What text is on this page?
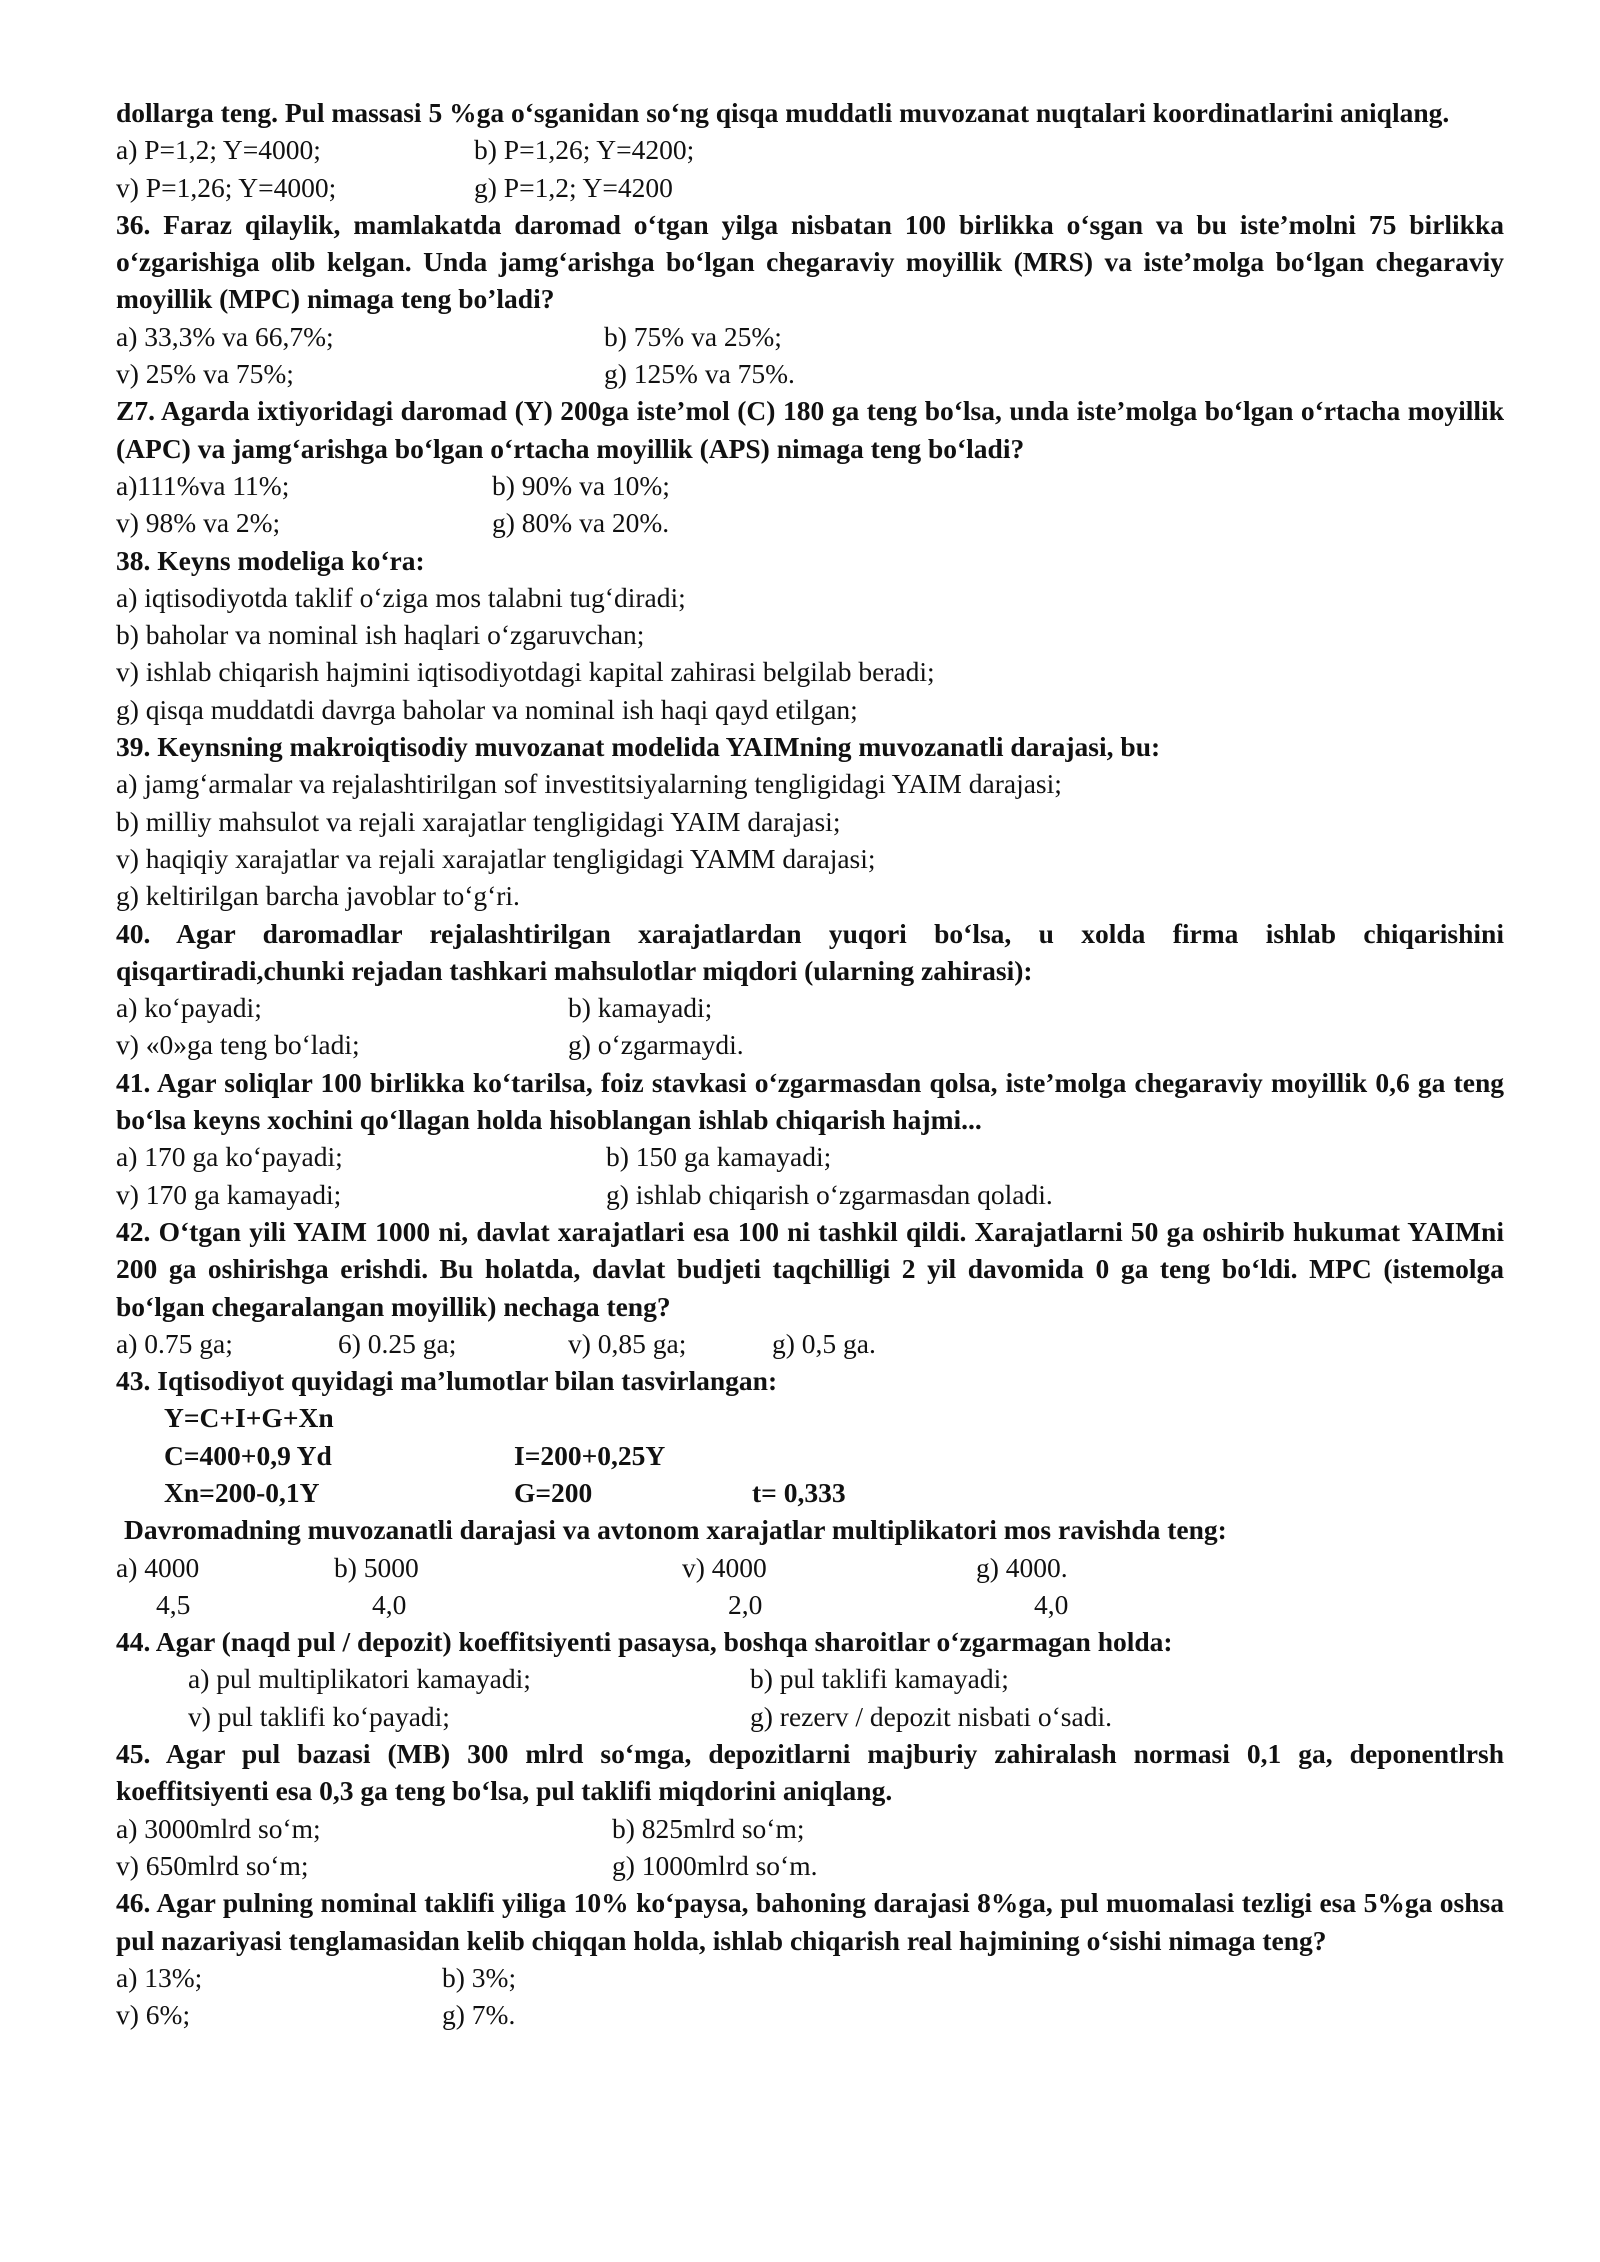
dollarga teng. Pul massasi 5 %ga o‘sganidan so‘ng qisqa muddatli muvozanat nuqtalari koordinatlarini aniqlang.
a) P=1,2; Y=4000;	b) P=1,26; Y=4200;
v) P=1,26; Y=4000;	g) P=1,2; Y=4200
36. Faraz qilaylik, mamlakatda daromad o‘tgan yilga nisbatan 100 birlikka o‘sgan va bu iste’molni 75 birlikka o‘zgarishiga olib kelgan. Unda jamg‘arishga bo‘lgan chegaraviy moyillik (MRS) va iste’molga bo‘lgan chegaraviy moyillik (MPC) nimaga teng bo’ladi?
a) 33,3% va 66,7%;	b) 75% va 25%;
v) 25% va 75%;	g) 125% va 75%.
Z7. Agarda ixtiyoridagi daromad (Y) 200ga iste’mol (C) 180 ga teng bo‘lsa, unda iste’molga bo‘lgan o‘rtacha moyillik (APC) va jamg‘arishga bo‘lgan o‘rtacha moyillik (APS) nimaga teng bo‘ladi?
a)111%va 11%;	b) 90% va 10%;
v) 98% va 2%;	g) 80% va 20%.
38. Keyns modeliga ko‘ra:
a) iqtisodiyotda taklif o‘ziga mos talabni tug‘diradi;
b) baholar va nominal ish haqlari o‘zgaruvchan;
v) ishlab chiqarish hajmini iqtisodiyotdagi kapital zahirasi belgilab beradi;
g) qisqa muddatdi davrga baholar va nominal ish haqi qayd etilgan;
39. Keynsning makroiqtisodiy muvozanat modelida YAIMning muvozanatli darajasi, bu:
a) jamg‘armalar va rejalashtirilgan sof investitsiyalarning tengligidagi YAIM darajasi;
b) milliy mahsulot va rejali xarajatlar tengligidagi YAIM darajasi;
v) haqiqiy xarajatlar va rejali xarajatlar tengligidagi YAMM darajasi;
g) keltirilgan barcha javoblar to‘g‘ri.
40. Agar daromadlar rejalashtirilgan xarajatlardan yuqori bo‘lsa, u xolda firma ishlab chiqarishini qisqartiradi,chunki rejadan tashkari mahsulotlar miqdori (ularning zahirasi):
a) ko‘payadi;	b) kamayadi;
v) «0»ga teng bo‘ladi;	g) o‘zgarmaydi.
41. Agar soliqlar 100 birlikka ko‘tarilsa, foiz stavkasi o‘zgarmasdan qolsa, iste’molga chegaraviy moyillik 0,6 ga teng bo‘lsa keyns xochini qo‘llagan holda hisoblangan ishlab chiqarish hajmi...
a) 170 ga ko‘payadi;	b) 150 ga kamayadi;
v) 170 ga kamayadi;	g) ishlab chiqarish o‘zgarmasdan qoladi.
42. O‘tgan yili YAIM 1000 ni, davlat xarajatlari esa 100 ni tashkil qildi. Xarajatlarni 50 ga oshirib hukumat YAIMni 200 ga oshirishga erishdi. Bu holatda, davlat budjeti taqchilligi 2 yil davomida 0 ga teng bo‘ldi. MPC (istemolga bo‘lgan chegaralangan moyillik) nechaga teng?
a) 0.75 ga;	6) 0.25 ga;	v) 0,85 ga;	g) 0,5 ga.
43. Iqtisodiyot quyidagi ma’lumotlar bilan tasvirlangan:
Y=C+I+G+Xn
C=400+0,9 Yd	I=200+0,25Y
Xn=200-0,1Y	G=200	t= 0,333
Davromadning muvozanatli darajasi va avtonom xarajatlar multiplikatori mos ravishda teng:
a) 4000	b) 5000	v) 4000	g) 4000.
4,5	4,0	2,0	4,0
44. Agar (naqd pul / depozit) koeffitsiyenti pasaysa, boshqa sharoitlar o‘zgarmagan holda:
a) pul multiplikatori kamayadi;	b) pul taklifi kamayadi;
v) pul taklifi ko‘payadi;	g) rezerv / depozit nisbati o‘sadi.
45. Agar pul bazasi (MB) 300 mlrd so‘mga, depozitlarni majburiy zahiralash normasi 0,1 ga, deponentlrsh koeffitsiyenti esa 0,3 ga teng bo‘lsa, pul taklifi miqdorini aniqlang.
a) 3000mlrd so‘m;	b) 825mlrd so‘m;
v) 650mlrd so‘m;	g) 1000mlrd so‘m.
46. Agar pulning nominal taklifi yiliga 10% ko‘paysa, bahoning darajasi 8%ga, pul muomalasi tezligi esa 5%ga oshsa pul nazariyasi tenglamasidan kelib chiqqan holda, ishlab chiqarish real hajmining o‘sishi nimaga teng?
a) 13%;	b) 3%;
v) 6%;	g) 7%.
